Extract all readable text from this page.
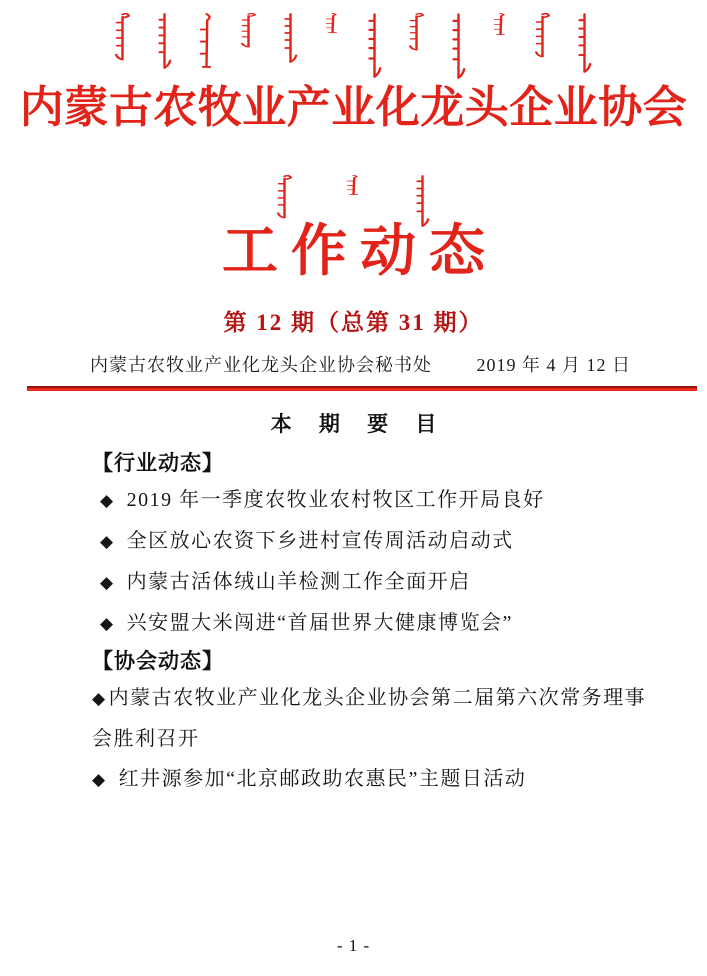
内蒙古农牧业产业化龙头企业协会
工作动态
第 12 期（总第 31 期）
内蒙古农牧业产业化龙头企业协会秘书处 2019 年 4 月 12 日
本 期 要 目
【行业动态】
◆ 2019 年一季度农牧业农村牧区工作开局良好
◆ 全区放心农资下乡进村宣传周活动启动式
◆ 内蒙古活体绒山羊检测工作全面开启
◆ 兴安盟大米闯进“首届世界大健康博览会”
【协会动态】
◆ 内蒙古农牧业产业化龙头企业协会第二届第六次常务理事会胜利召开
◆ 红井源参加“北京邮政助农惠民”主题日活动
- 1 -
